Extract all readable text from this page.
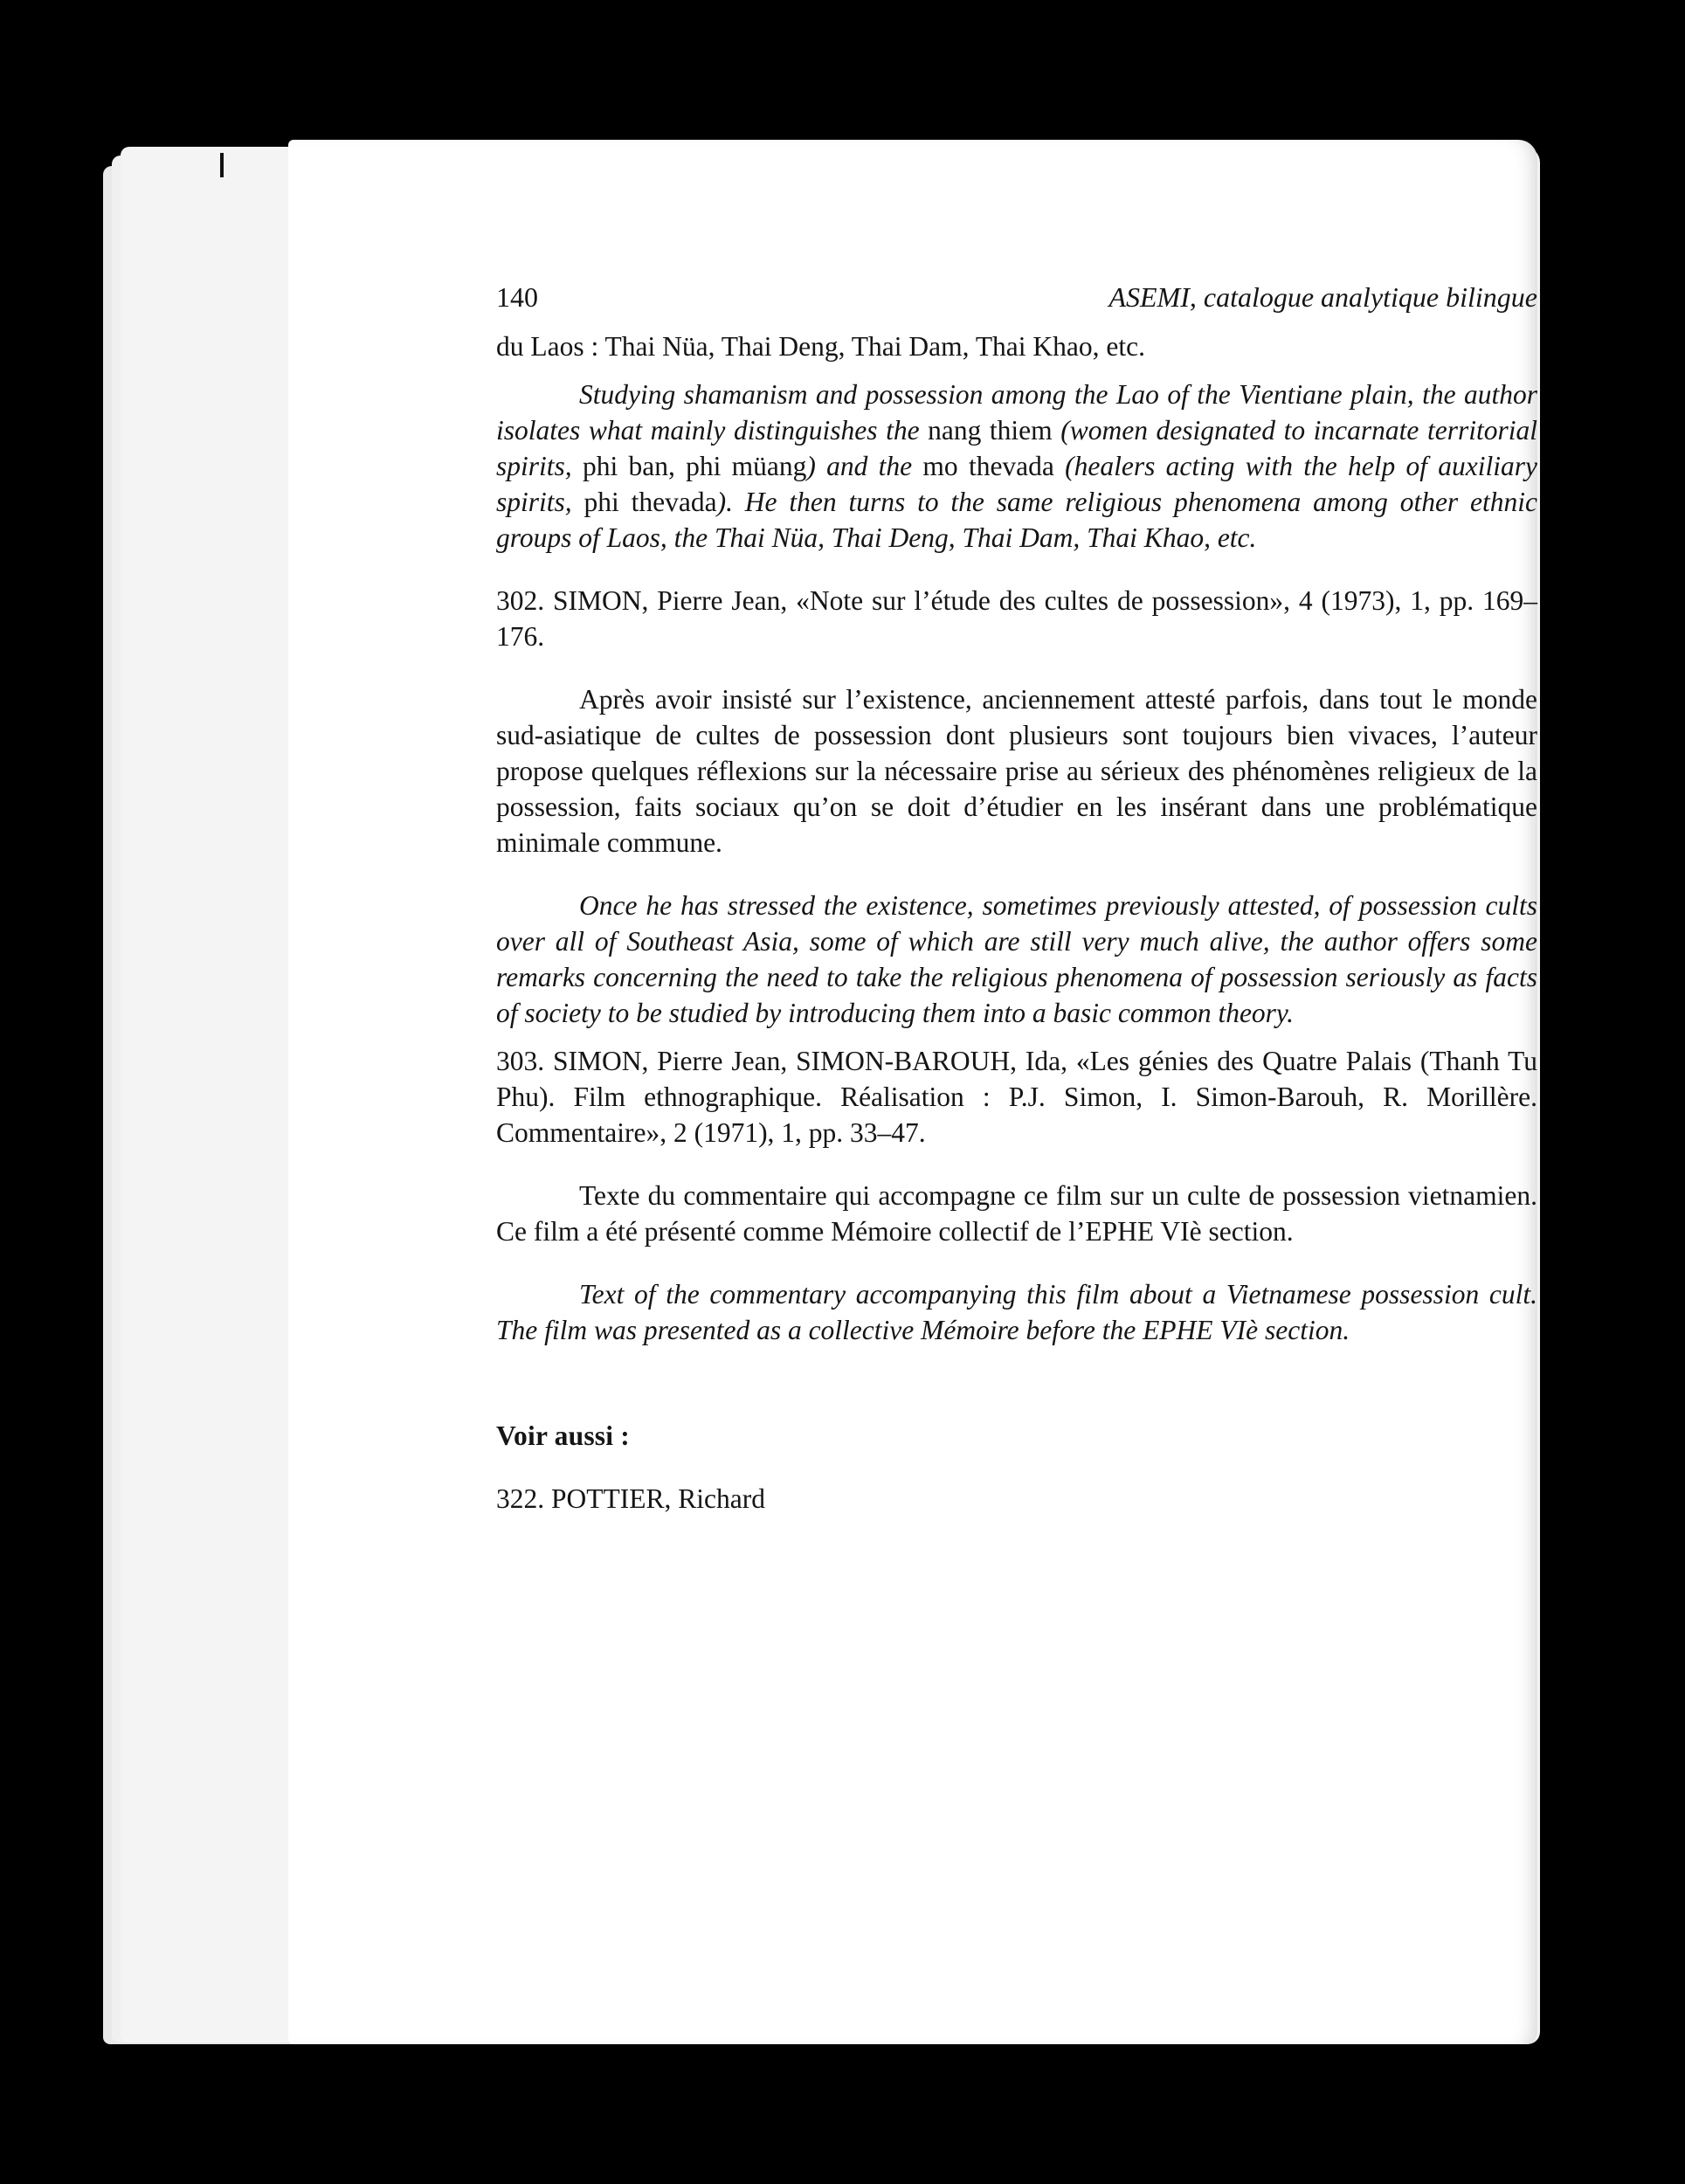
140	ASEMI, catalogue analytique bilingue

du Laos : Thai Nüa, Thai Deng, Thai Dam, Thai Khao, etc.

Studying shamanism and possession among the Lao of the Vientiane plain, the author isolates what mainly distinguishes the nang thiem (women designated to incarnate territorial spirits, phi ban, phi müang) and the mo thevada (healers acting with the help of auxiliary spirits, phi thevada). He then turns to the same religious phenomena among other ethnic groups of Laos, the Thai Nüa, Thai Deng, Thai Dam, Thai Khao, etc.

302. SIMON, Pierre Jean, «Note sur l’étude des cultes de possession», 4 (1973), 1, pp. 169–176.

Après avoir insisté sur l’existence, anciennement attesté parfois, dans tout le monde sud-asiatique de cultes de possession dont plusieurs sont toujours bien vivaces, l’auteur propose quelques réflexions sur la nécessaire prise au sérieux des phénomènes religieux de la possession, faits sociaux qu’on se doit d’étudier en les insérant dans une problématique minimale commune.

Once he has stressed the existence, sometimes previously attested, of possession cults over all of Southeast Asia, some of which are still very much alive, the author offers some remarks concerning the need to take the religious phenomena of possession seriously as facts of society to be studied by introducing them into a basic common theory.

303. SIMON, Pierre Jean, SIMON-BAROUH, Ida, «Les génies des Quatre Palais (Thanh Tu Phu). Film ethnographique. Réalisation : P.J. Simon, I. Simon-Barouh, R. Morillère. Commentaire», 2 (1971), 1, pp. 33–47.

Texte du commentaire qui accompagne ce film sur un culte de possession vietnamien. Ce film a été présenté comme Mémoire collectif de l’EPHE VIè section.

Text of the commentary accompanying this film about a Vietnamese possession cult. The film was presented as a collective Mémoire before the EPHE VIè section.

Voir aussi :

322. POTTIER, Richard
